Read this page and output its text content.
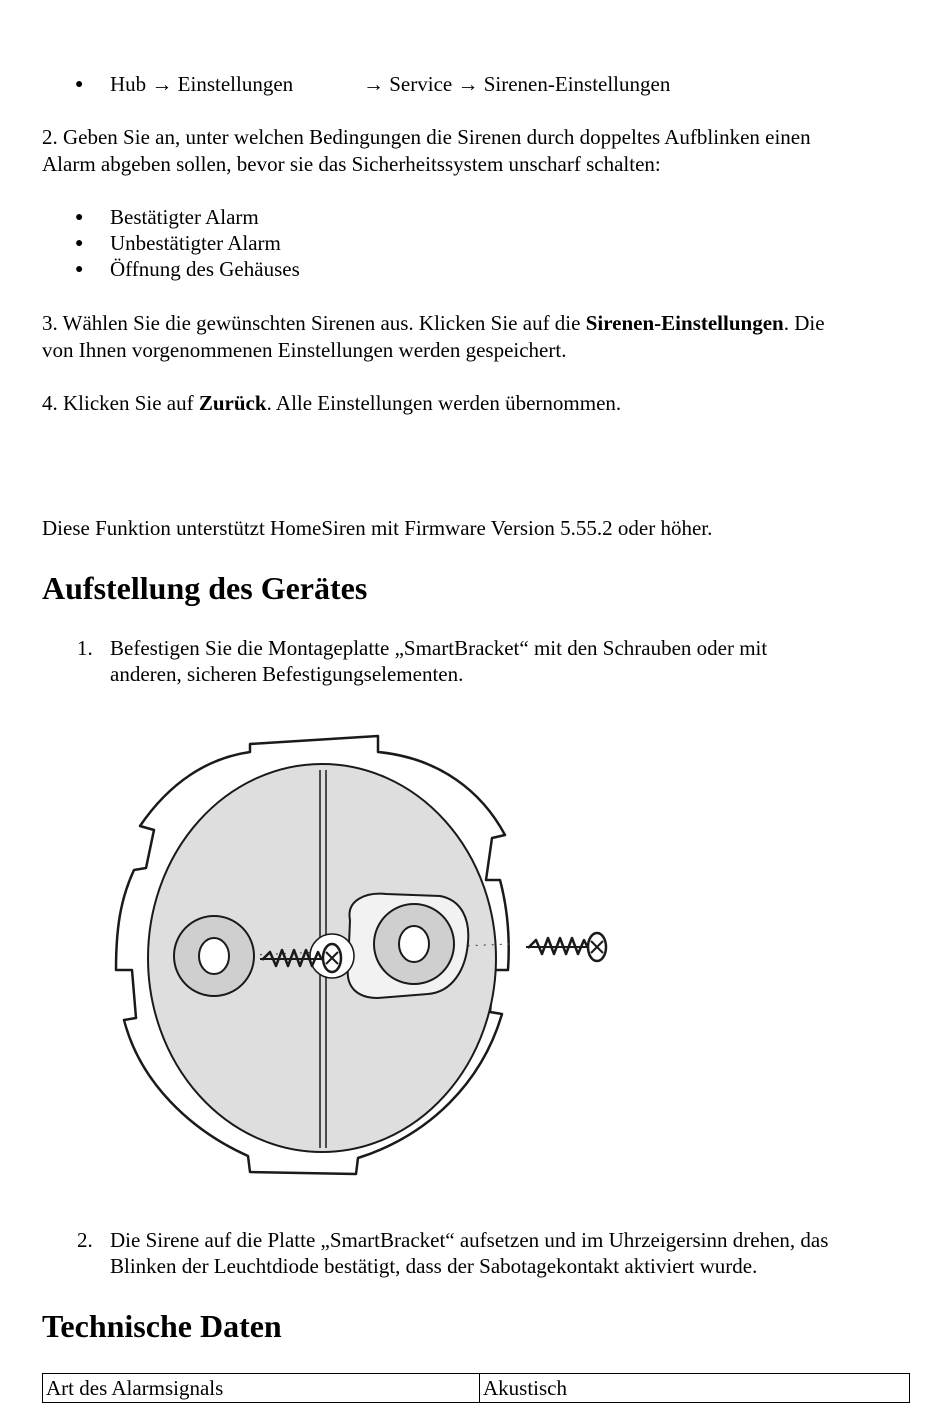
● Hub → Einstellungen	→ Service → Sirenen-Einstellungen

2. Geben Sie an, unter welchen Bedingungen die Sirenen durch doppeltes Aufblinken einen

Alarm abgeben sollen, bevor sie das Sicherheitssystem unscharf schalten:

● Bestätigter Alarm
● Unbestätigter Alarm
● Öffnung des Gehäuses

3. Wählen Sie die gewünschten Sirenen aus. Klicken Sie auf die Sirenen-Einstellungen. Die

von Ihnen vorgenommenen Einstellungen werden gespeichert.

4. Klicken Sie auf Zurück. Alle Einstellungen werden übernommen.

Diese Funktion unterstützt HomeSiren mit Firmware Version 5.55.2 oder höher.

Aufstellung des Gerätes
1. Befestigen Sie die Montageplatte „SmartBracket“ mit den Schrauben oder mit

anderen, sicheren Befestigungselementen.

2. Die Sirene auf die Platte „SmartBracket“ aufsetzen und im Uhrzeigersinn drehen, das

Blinken der Leuchtdiode bestätigt, dass der Sabotagekontakt aktiviert wurde.

Technische Daten
Art des Alarmsignals	Akustisch
